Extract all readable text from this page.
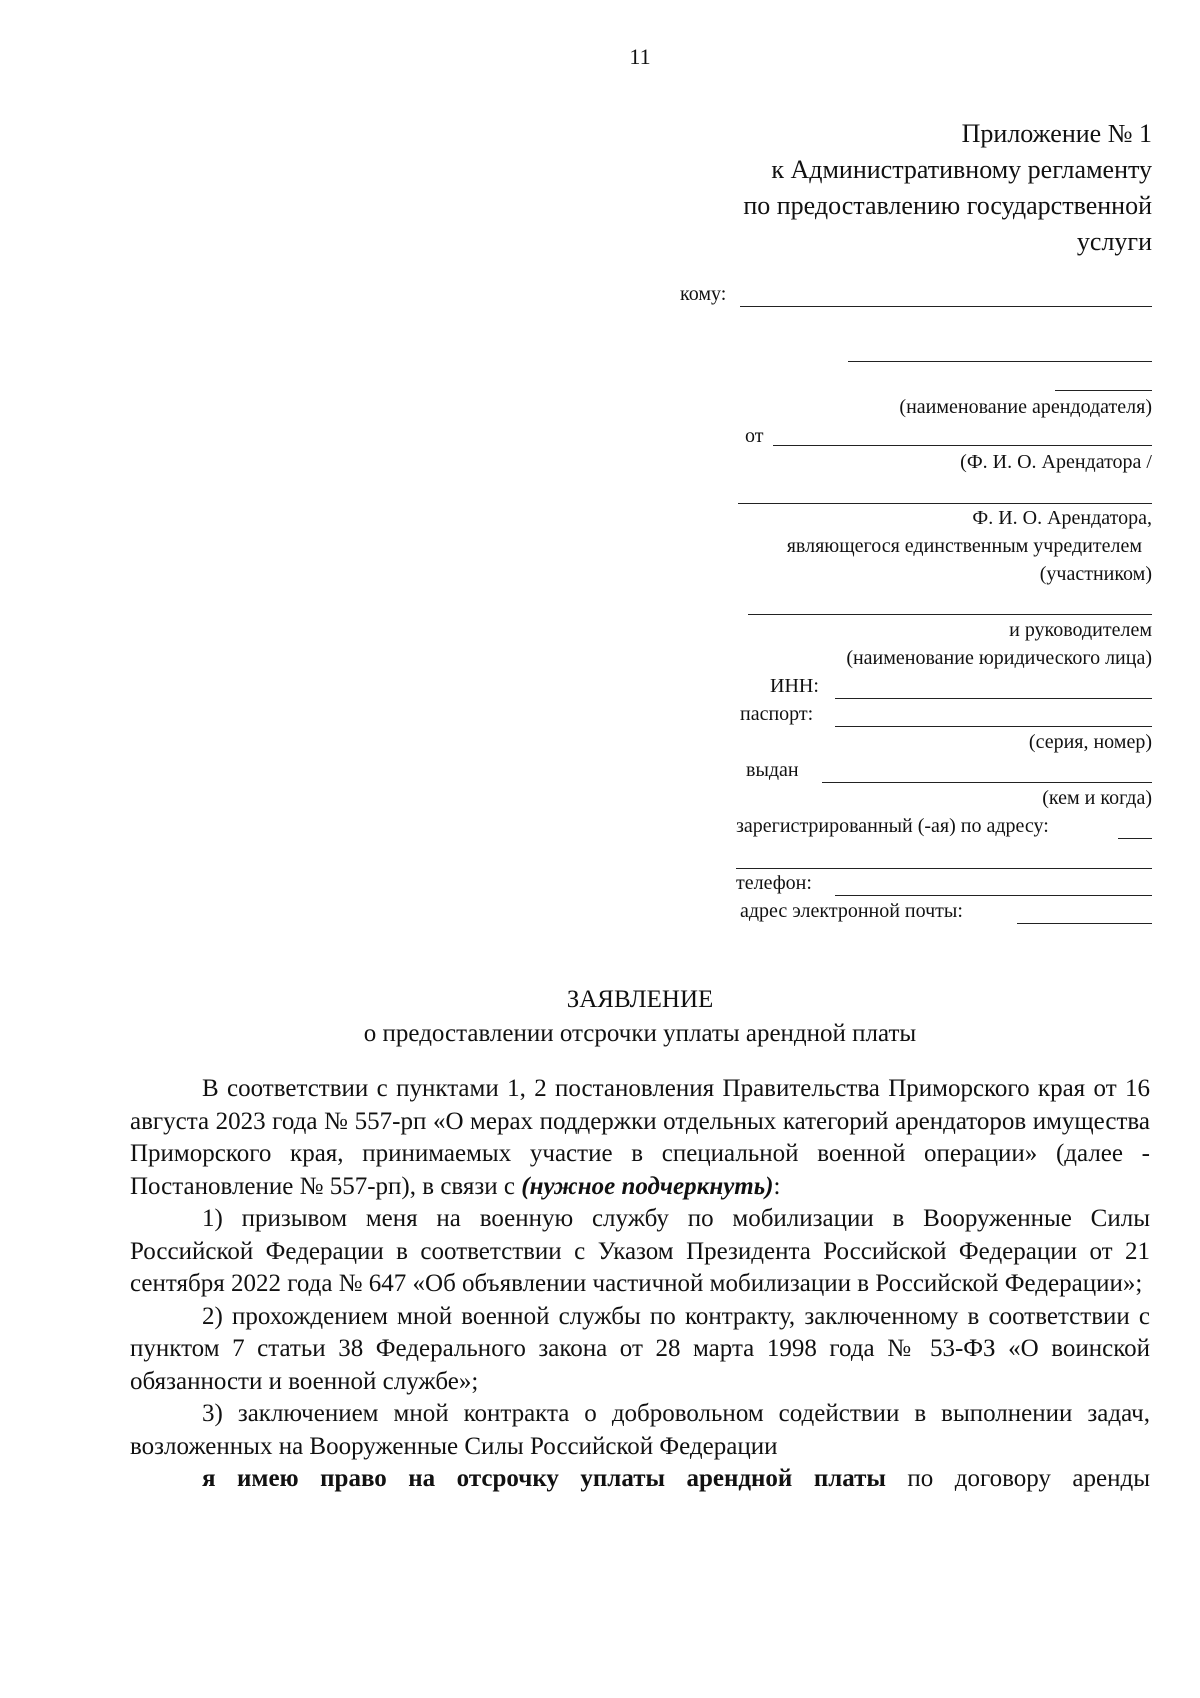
11
Приложение № 1
к Административному регламенту
по предоставлению государственной
услуги
кому:
(наименование арендодателя)
от
(Ф. И. О. Арендатора /
Ф. И. О. Арендатора,
являющегося единственным учредителем
(участником)
и руководителем
(наименование юридического лица)
ИНН:
паспорт:
(серия, номер)
выдан
(кем и когда)
зарегистрированный (-ая) по адресу:
телефон:
адрес электронной почты:
ЗАЯВЛЕНИЕ
о предоставлении отсрочки уплаты арендной платы

В соответствии с пунктами 1, 2 постановления Правительства Приморского края от 16 августа 2023 года № 557-рп «О мерах поддержки отдельных категорий арендаторов имущества Приморского края, принимаемых участие в специальной военной операции» (далее - Постановление № 557-рп), в связи с (нужное подчеркнуть):

1) призывом меня на военную службу по мобилизации в Вооруженные Силы Российской Федерации в соответствии с Указом Президента Российской Федерации от 21 сентября 2022 года № 647 «Об объявлении частичной мобилизации в Российской Федерации»;

2) прохождением мной военной службы по контракту, заключенному в соответствии с пунктом 7 статьи 38 Федерального закона от 28 марта 1998 года № 53-ФЗ «О воинской обязанности и военной службе»;

3) заключением мной контракта о добровольном содействии в выполнении задач, возложенных на Вооруженные Силы Российской Федерации

я имею право на отсрочку уплаты арендной платы по договору аренды
